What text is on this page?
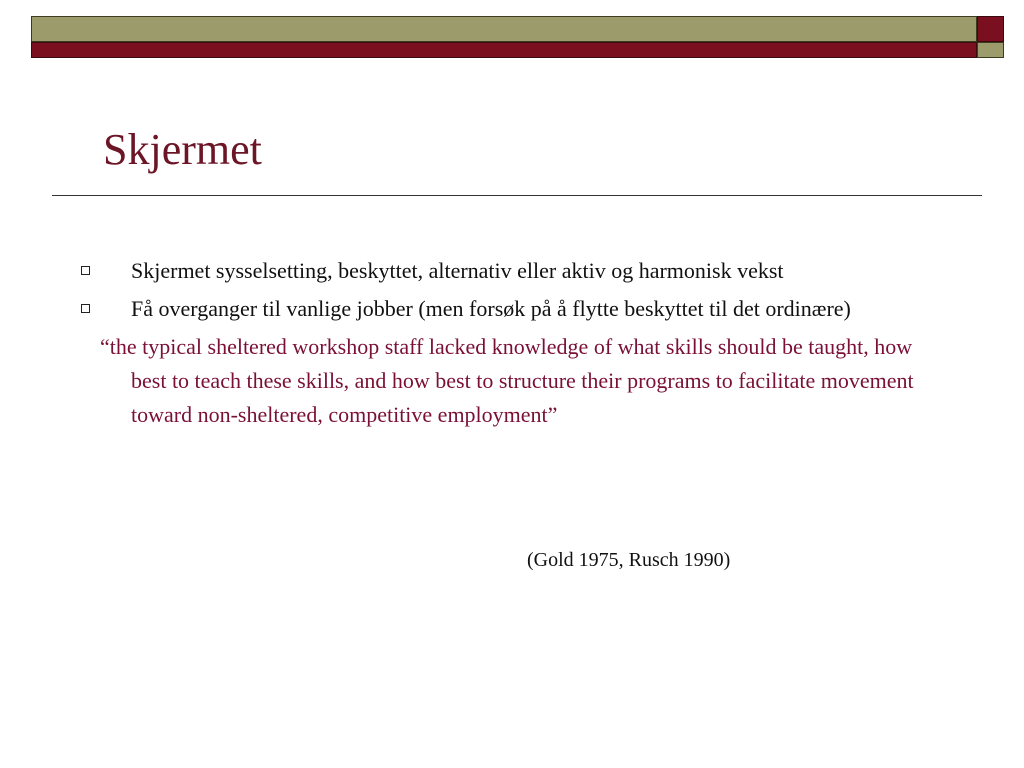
Skjermet
Skjermet sysselsetting, beskyttet, alternativ eller aktiv og harmonisk vekst
Få overganger til vanlige jobber (men forsøk på å flytte beskyttet til det ordinære)
“the typical sheltered workshop staff lacked knowledge of what skills should be taught, how best to teach these skills, and how best to structure their programs to facilitate movement toward non-sheltered, competitive employment”
(Gold 1975, Rusch 1990)
